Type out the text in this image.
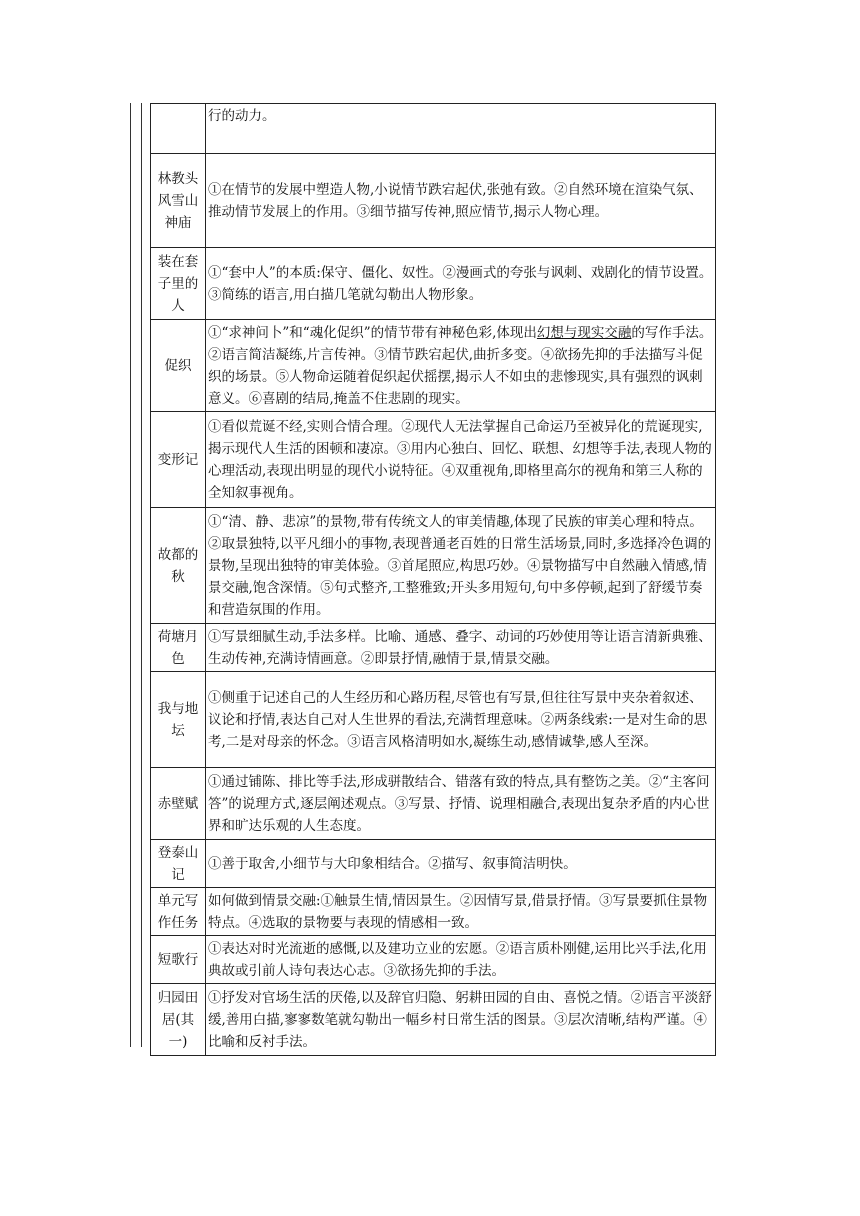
	行的动力。
林教头风雪山神庙	①在情节的发展中塑造人物,小说情节跌宕起伏,张弛有致。②自然环境在渲染气氛、推动情节发展上的作用。③细节描写传神,照应情节,揭示人物心理。
装在套子里的人	①“套中人”的本质:保守、僵化、奴性。②漫画式的夸张与讽刺、戏剧化的情节设置。③简练的语言,用白描几笔就勾勒出人物形象。
促织	①“求神问卜”和“魂化促织”的情节带有神秘色彩,体现出幻想与现实交融的写作手法。②语言简洁凝练,片言传神。③情节跌宕起伏,曲折多变。④欲扬先抑的手法描写斗促织的场景。⑤人物命运随着促织起伏摇摆,揭示人不如虫的悲惨现实,具有强烈的讽刺意义。⑥喜剧的结局,掩盖不住悲剧的现实。
变形记	①看似荒诞不经,实则合情合理。②现代人无法掌握自己命运乃至被异化的荒诞现实,揭示现代人生活的困顿和凄凉。③用内心独白、回忆、联想、幻想等手法,表现人物的心理活动,表现出明显的现代小说特征。④双重视角,即格里高尔的视角和第三人称的全知叙事视角。
故都的秋	①“清、静、悲凉”的景物,带有传统文人的审美情趣,体现了民族的审美心理和特点。②取景独特,以平凡细小的事物,表现普通老百姓的日常生活场景,同时,多选择冷色调的景物,呈现出独特的审美体验。③首尾照应,构思巧妙。④景物描写中自然融入情感,情景交融,饱含深情。⑤句式整齐,工整雅致;开头多用短句,句中多停顿,起到了舒缓节奏和营造氛围的作用。
荷塘月色	①写景细腻生动,手法多样。比喻、通感、叠字、动词的巧妙使用等让语言清新典雅、生动传神,充满诗情画意。②即景抒情,融情于景,情景交融。
我与地坛	①侧重于记述自己的人生经历和心路历程,尽管也有写景,但往往写景中夹杂着叙述、议论和抒情,表达自己对人生世界的看法,充满哲理意味。②两条线索:一是对生命的思考,二是对母亲的怀念。③语言风格清明如水,凝练生动,感情诚挚,感人至深。
赤壁赋	①通过铺陈、排比等手法,形成骈散结合、错落有致的特点,具有整饬之美。②“主客问答”的说理方式,逐层阐述观点。③写景、抒情、说理相融合,表现出复杂矛盾的内心世界和旷达乐观的人生态度。
登泰山记	①善于取舍,小细节与大印象相结合。②描写、叙事简洁明快。
单元写作任务	如何做到情景交融:①触景生情,情因景生。②因情写景,借景抒情。③写景要抓住景物特点。④选取的景物要与表现的情感相一致。
短歌行	①表达对时光流逝的感慨,以及建功立业的宏愿。②语言质朴刚健,运用比兴手法,化用典故或引前人诗句表达心志。③欲扬先抑的手法。
归园田居(其一)	①抒发对官场生活的厌倦,以及辞官归隐、躬耕田园的自由、喜悦之情。②语言平淡舒缓,善用白描,寥寥数笔就勾勒出一幅乡村日常生活的图景。③层次清晰,结构严谨。④比喻和反衬手法。
